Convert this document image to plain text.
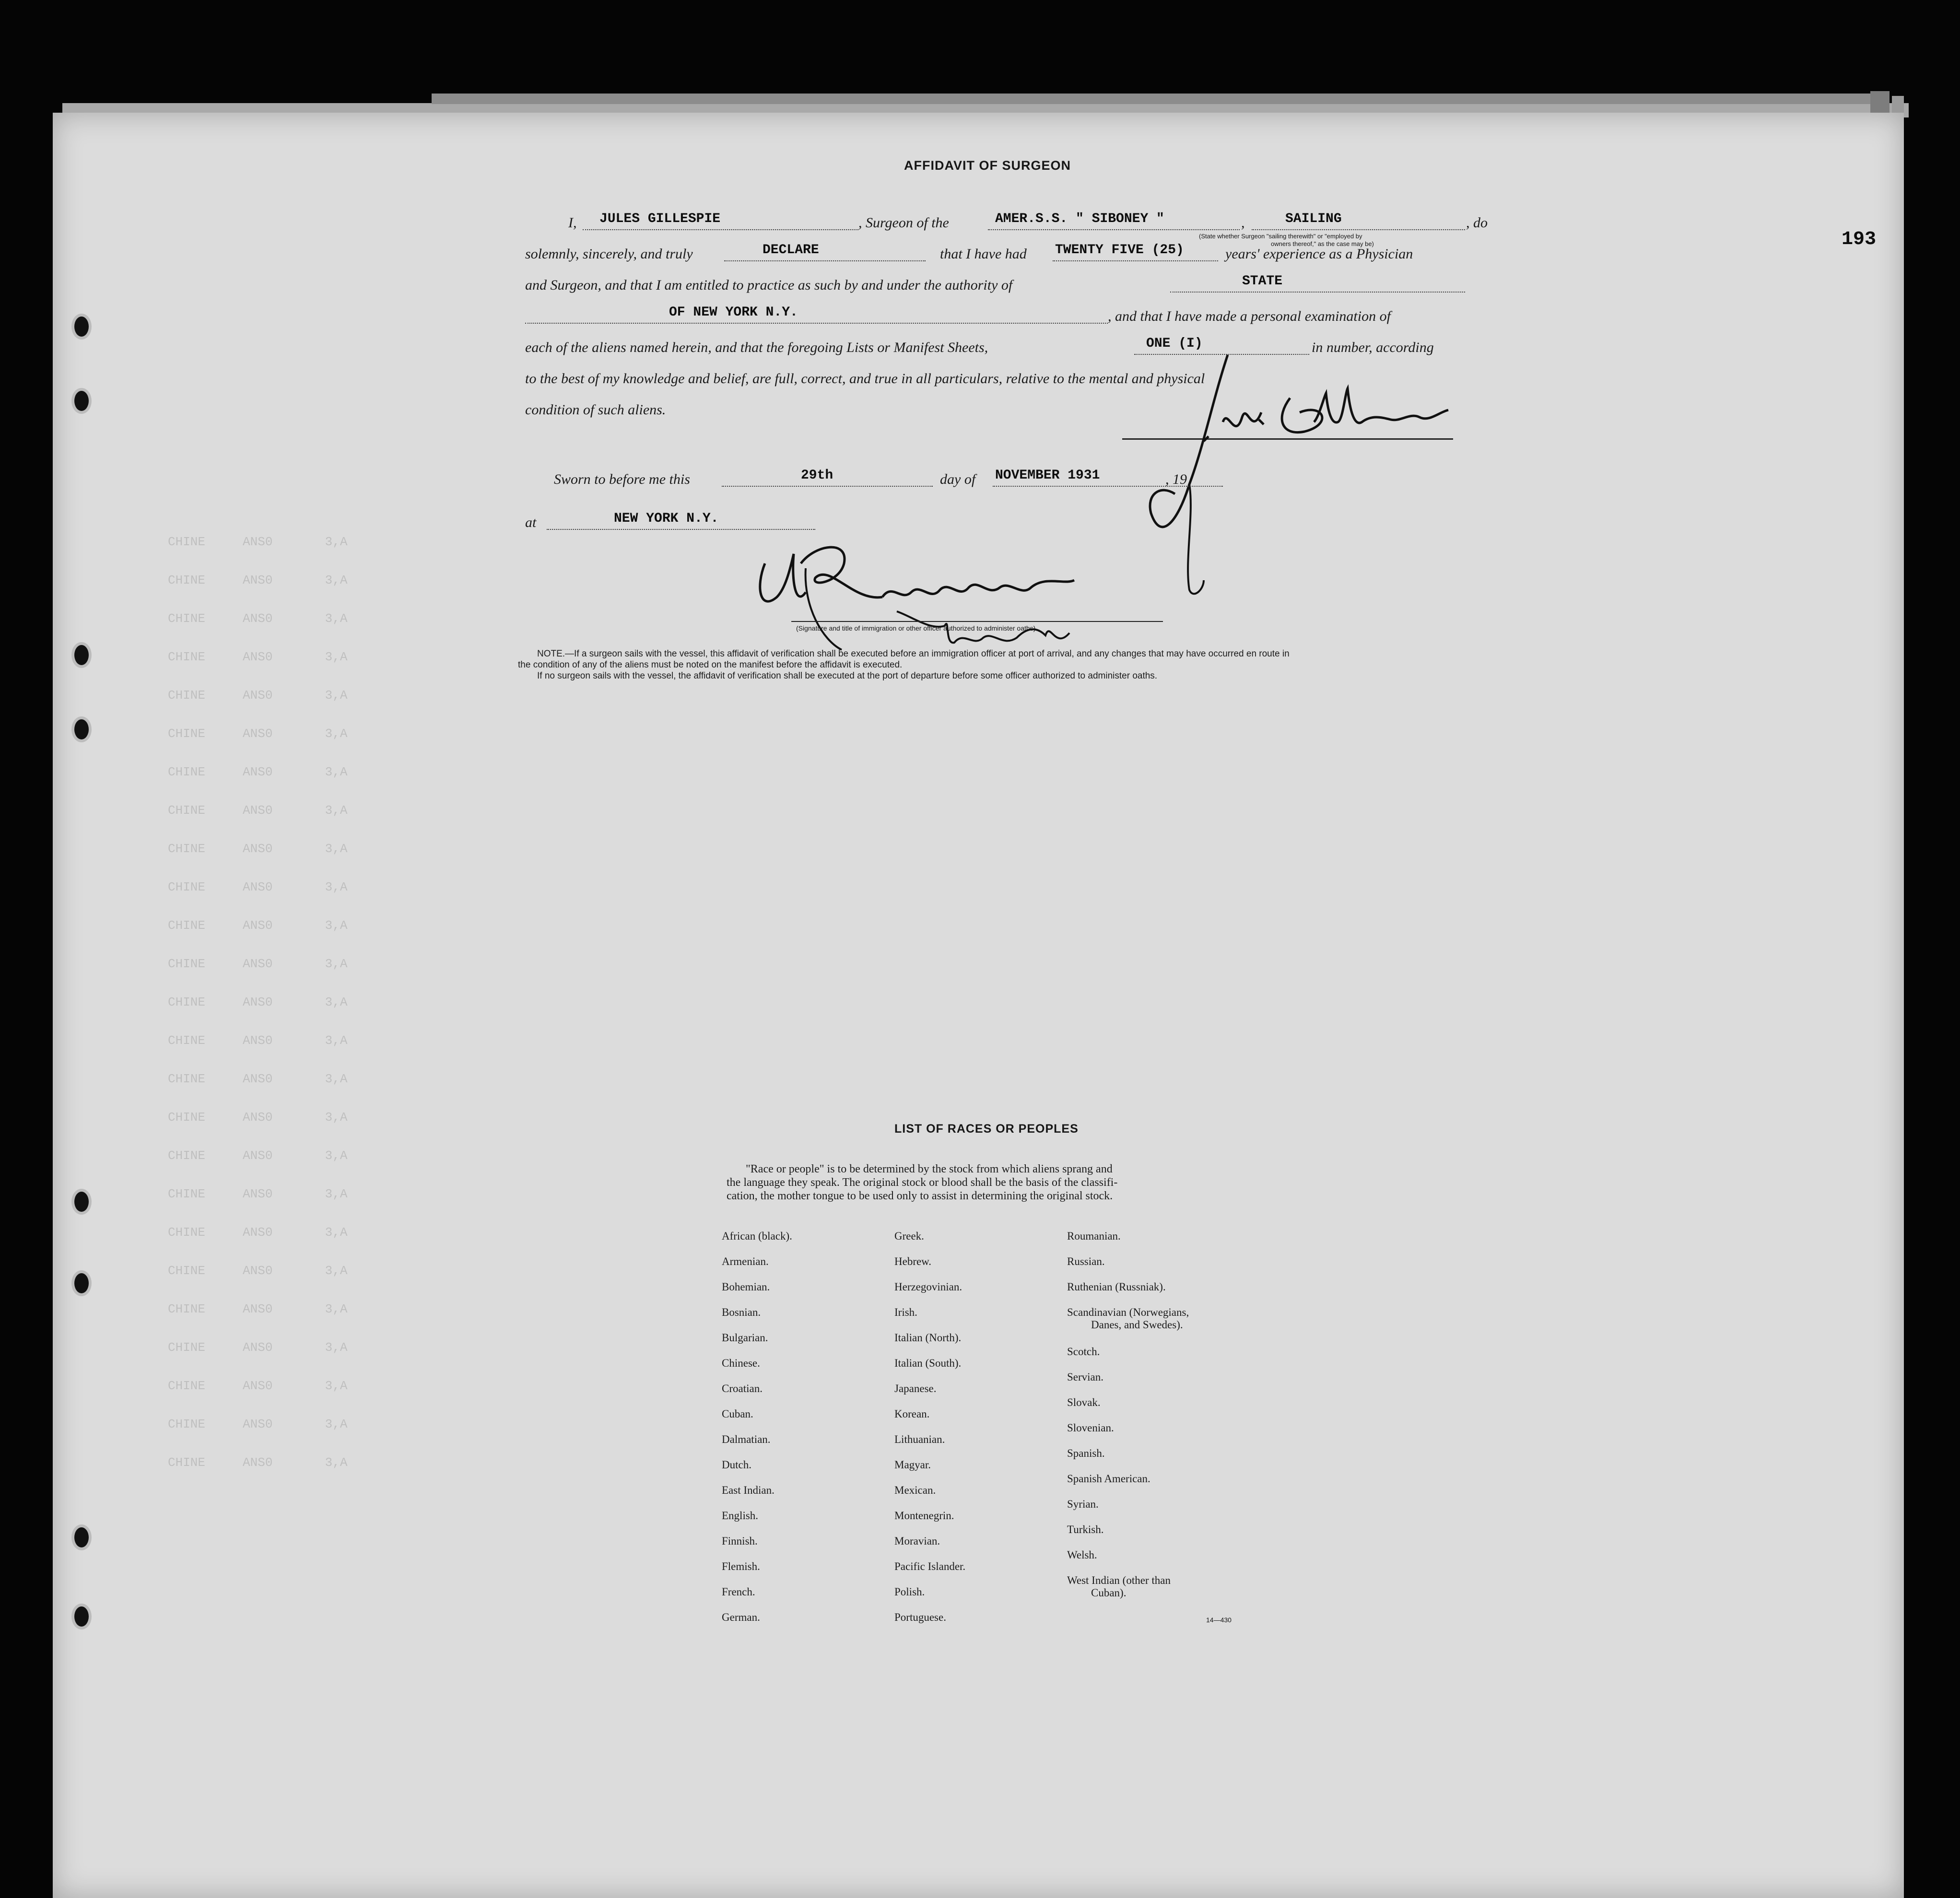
CHINE     ANS0       3,A
CHINE     ANS0       3,A
CHINE     ANS0       3,A
CHINE     ANS0       3,A
CHINE     ANS0       3,A
CHINE     ANS0       3,A
CHINE     ANS0       3,A
CHINE     ANS0       3,A
CHINE     ANS0       3,A
CHINE     ANS0       3,A
CHINE     ANS0       3,A
CHINE     ANS0       3,A
CHINE     ANS0       3,A
CHINE     ANS0       3,A
CHINE     ANS0       3,A
CHINE     ANS0       3,A
CHINE     ANS0       3,A
CHINE     ANS0       3,A
CHINE     ANS0       3,A
CHINE     ANS0       3,A
CHINE     ANS0       3,A
CHINE     ANS0       3,A
CHINE     ANS0       3,A
CHINE     ANS0       3,A
CHINE     ANS0       3,A
193
AFFIDAVIT OF SURGEON
I, JULES GILLESPIE	, Surgeon of the	AMER.S.S. " SIBONEY "	,	SAILING
(State whether Surgeon "sailing therewith" or "employed by
owners thereof," as the case may be)
, do
solemnly, sincerely, and truly	DECLARE	that I have had TWENTY FIVE (25)	years' experience as a Physician
and Surgeon, and that I am entitled to practice as such by and under the authority of	STATE
OF NEW YORK N.Y.	, and that I have made a personal examination of
each of the aliens named herein, and that the foregoing Lists or Manifest Sheets,	ONE (I)	in number, according
to the best of my knowledge and belief, are full, correct, and true in all particulars, relative to the mental and physical
condition of such aliens.
Sworn to before me this	29th	day of NOVEMBER 1931	, 19
at	NEW YORK N.Y.
(Signature and title of immigration or other officer authorized to administer oaths)
NOTE.—If a surgeon sails with the vessel, this affidavit of verification shall be executed before an immigration officer at port of arrival, and any changes that may have occurred en route in
the condition of any of the aliens must be noted on the manifest before the affidavit is executed.
If no surgeon sails with the vessel, the affidavit of verification shall be executed at the port of departure before some officer authorized to administer oaths.
LIST OF RACES OR PEOPLES
"Race or people" is to be determined by the stock from which aliens sprang and
the language they speak. The original stock or blood shall be the basis of the classifi-
cation, the mother tongue to be used only to assist in determining the original stock.
African (black).
Armenian.
Bohemian.
Bosnian.
Bulgarian.
Chinese.
Croatian.
Cuban.
Dalmatian.
Dutch.
East Indian.
English.
Finnish.
Flemish.
French.
German.
Greek.
Hebrew.
Herzegovinian.
Irish.
Italian (North).
Italian (South).
Japanese.
Korean.
Lithuanian.
Magyar.
Mexican.
Montenegrin.
Moravian.
Pacific Islander.
Polish.
Portuguese.
Roumanian.
Russian.
Ruthenian (Russniak).
Scandinavian (Norwegians,
Danes, and Swedes).
Scotch.
Servian.
Slovak.
Slovenian.
Spanish.
Spanish American.
Syrian.
Turkish.
Welsh.
West Indian (other than
Cuban).
14—430
